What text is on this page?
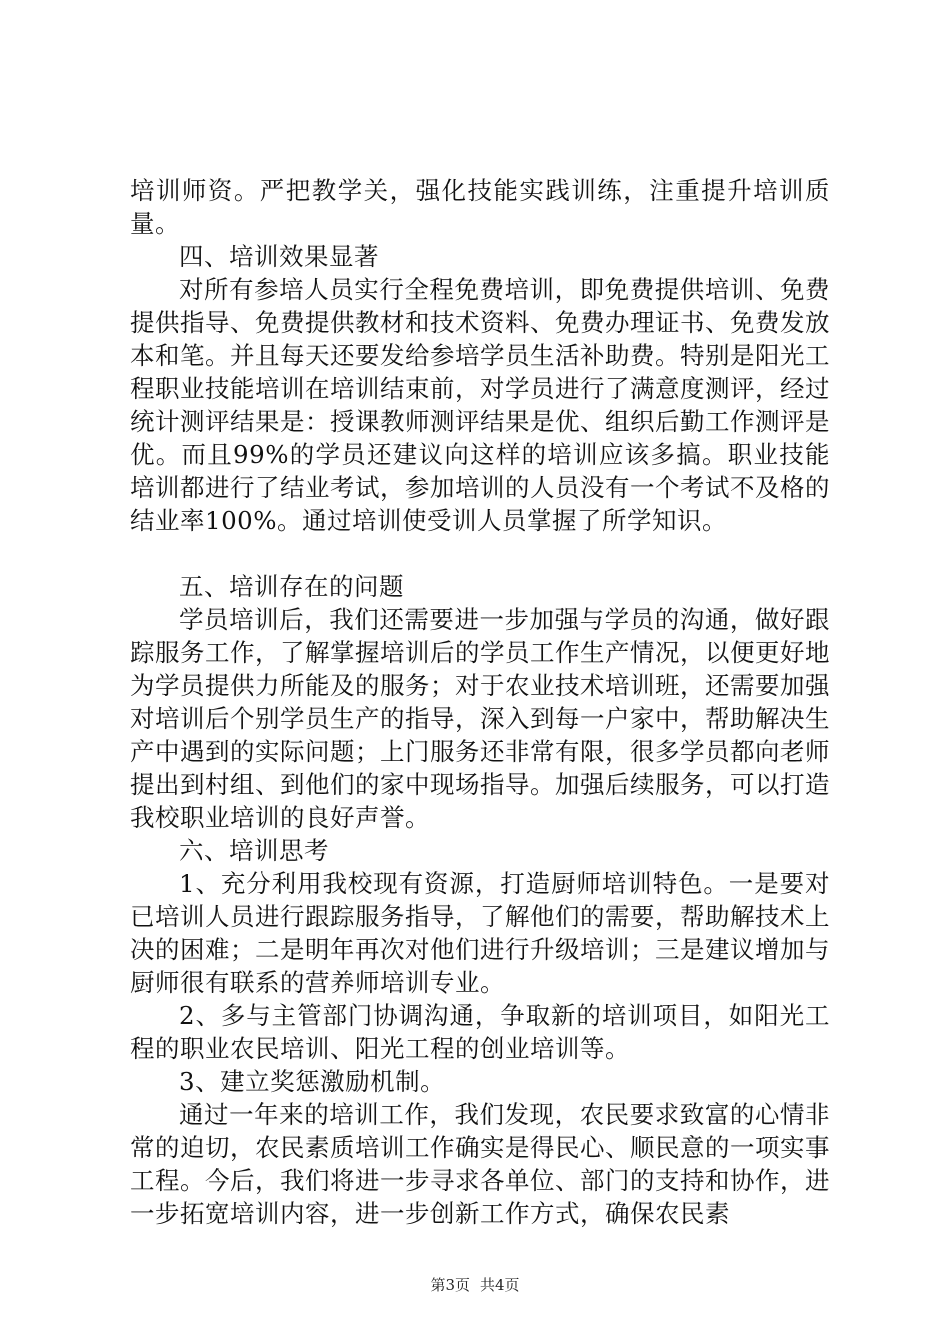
培训师资。严把教学关，强化技能实践训练，注重提升培训质量。

四、培训效果显著

对所有参培人员实行全程免费培训，即免费提供培训、免费提供指导、免费提供教材和技术资料、免费办理证书、免费发放本和笔。并且每天还要发给参培学员生活补助费。特别是阳光工程职业技能培训在培训结束前，对学员进行了满意度测评，经过统计测评结果是：授课教师测评结果是优、组织后勤工作测评是优。而且99%的学员还建议向这样的培训应该多搞。职业技能培训都进行了结业考试，参加培训的人员没有一个考试不及格的结业率100%。通过培训使受训人员掌握了所学知识。

五、培训存在的问题

学员培训后，我们还需要进一步加强与学员的沟通，做好跟踪服务工作，了解掌握培训后的学员工作生产情况，以便更好地为学员提供力所能及的服务；对于农业技术培训班，还需要加强对培训后个别学员生产的指导，深入到每一户家中，帮助解决生产中遇到的实际问题；上门服务还非常有限，很多学员都向老师提出到村组、到他们的家中现场指导。加强后续服务，可以打造我校职业培训的良好声誉。

六、培训思考

1、充分利用我校现有资源，打造厨师培训特色。一是要对已培训人员进行跟踪服务指导，了解他们的需要，帮助解技术上决的困难；二是明年再次对他们进行升级培训；三是建议增加与厨师很有联系的营养师培训专业。

2、多与主管部门协调沟通，争取新的培训项目，如阳光工程的职业农民培训、阳光工程的创业培训等。

3、建立奖惩激励机制。

通过一年来的培训工作，我们发现，农民要求致富的心情非常的迫切，农民素质培训工作确实是得民心、顺民意的一项实事工程。今后，我们将进一步寻求各单位、部门的支持和协作，进一步拓宽培训内容，进一步创新工作方式，确保农民素

第3页 共4页
